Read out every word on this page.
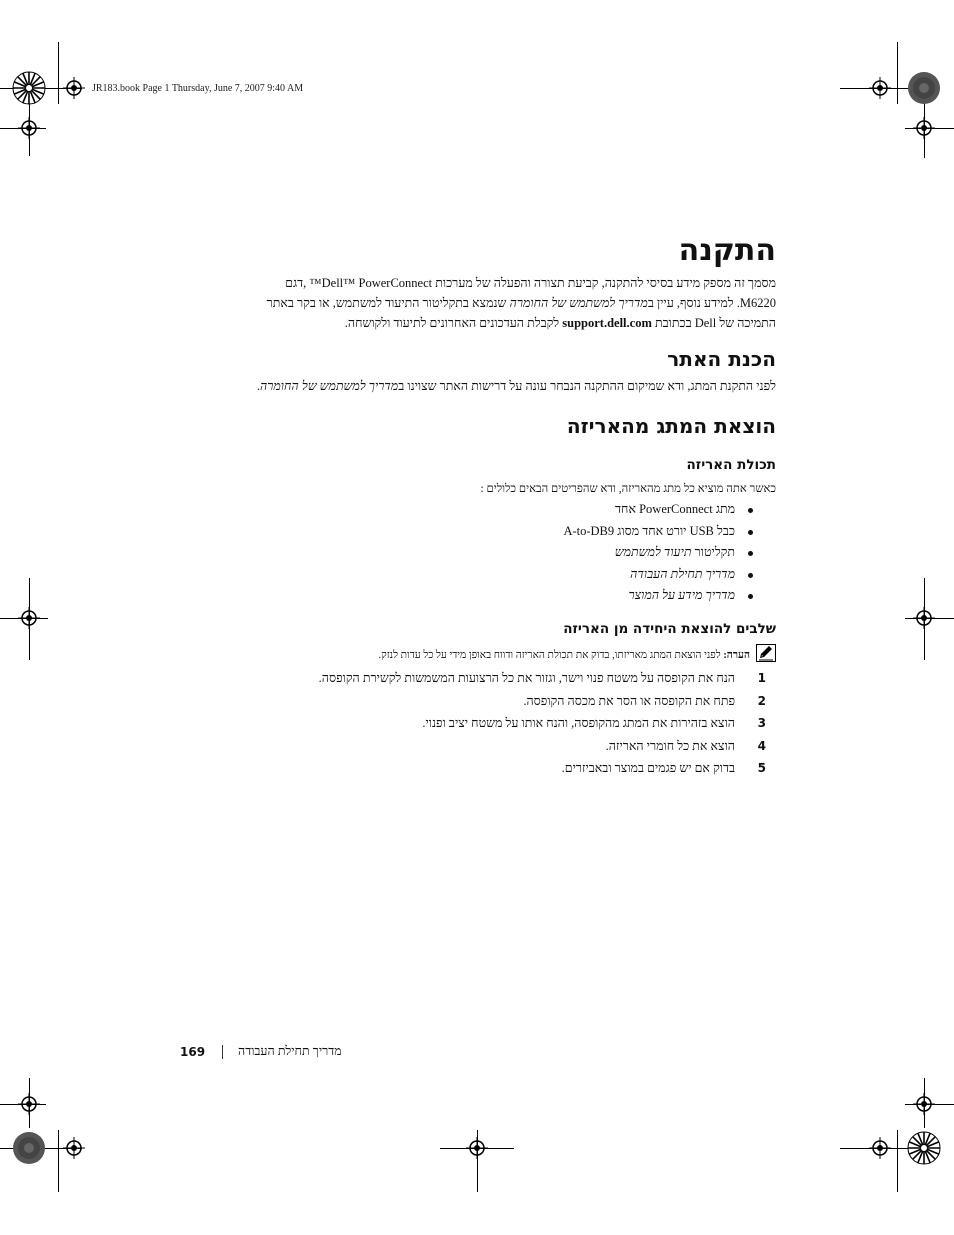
JR183.book Page 1 Thursday, June 7, 2007 9:40 AM
התקנה
מסמך זה מספק מידע בסיסי להתקנה, קביעת תצורה והפעלה של מערכות Dell™ PowerConnect™ ,דגם
M6220. למידע נוסף, עיין במדריך למשתמש של החומרה שנמצא בתקליטור התיעוד למשתמש, או בקר באתר
התמיכה של Dell בכתובת support.dell.com לקבלת העדכונים האחרונים לתיעוד ולקושחה.
הכנת האתר
לפני התקנת המתג, ודא שמיקום ההתקנה הנבחר עונה על דרישות האתר שצוינו במדריך למשתמש של החומרה.
הוצאת המתג מהאריזה
תכולת האריזה
כאשר אתה מוציא כל מתג מהאריזה, ודא שהפריטים הבאים כלולים :
מתג PowerConnect אחד
כבל USB יורט אחד מסוג A-to-DB9
תקליטור תיעוד למשתמש
מדריך תחילת העבודה
מדריך מידע על המוצר
שלבים להוצאת היחידה מן האריזה
הערה: לפני הוצאת המתג מאריזתו, בדוק את תכולת האריזה ודווח באופן מידי על כל עדות לנזק.
1
הנח את הקופסה על משטח פנוי וישר, וגזור את כל הרצועות המשמשות לקשירת הקופסה.
2
פתח את הקופסה או הסר את מכסה הקופסה.
3
הוצא בזהירות את המתג מהקופסה, והנח אותו על משטח יציב ופנוי.
4
הוצא את כל חומרי האריזה.
5
בדוק אם יש פגמים במוצר ובאביזרים.
169	מדריך תחילת העבודה
